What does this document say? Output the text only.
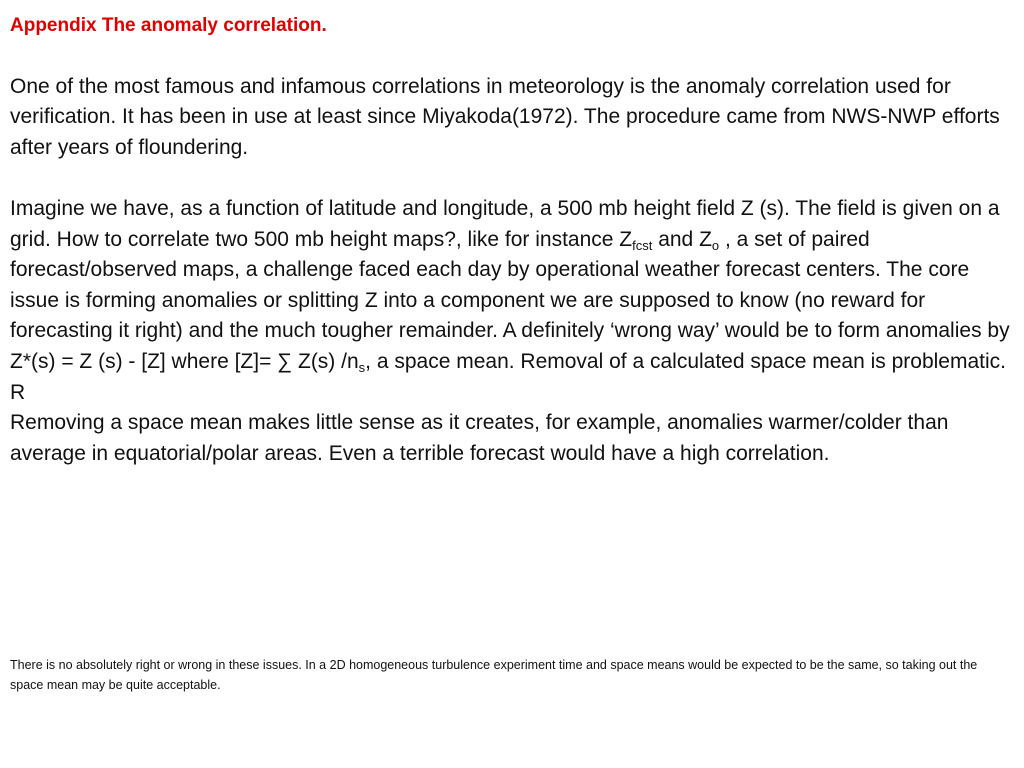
Appendix The anomaly correlation.

One of the most famous and infamous correlations in meteorology is the anomaly correlation used for verification. It has been in use at least since Miyakoda(1972). The procedure came from NWS-NWP efforts after years of floundering.

Imagine we have, as a function of latitude and longitude, a 500 mb height field Z (s). The field is given on a grid. How to correlate two 500 mb height maps?, like for instance $Z_{fcst}$ and $Z_o$ , a set of paired forecast/observed maps, a challenge faced each day by operational weather forecast centers. The core issue is forming anomalies or splitting Z into a component we are supposed to know (no reward for forecasting it right) and the much tougher remainder. A definitely ‘wrong way’ would be to form anomalies by Z*(s) = Z (s) - [Z] where [Z]= ∑ Z(s) $/n_s$, a space mean. Removal of a calculated space mean is problematic. R

Removing a space mean makes little sense as it creates, for example, anomalies warmer/colder than average in equatorial/polar areas. Even a terrible forecast would have a high correlation.

There is no absolutely right or wrong in these issues. In a 2D homogeneous turbulence experiment time and space means would be expected to be the same, so taking out the space mean may be quite acceptable.
